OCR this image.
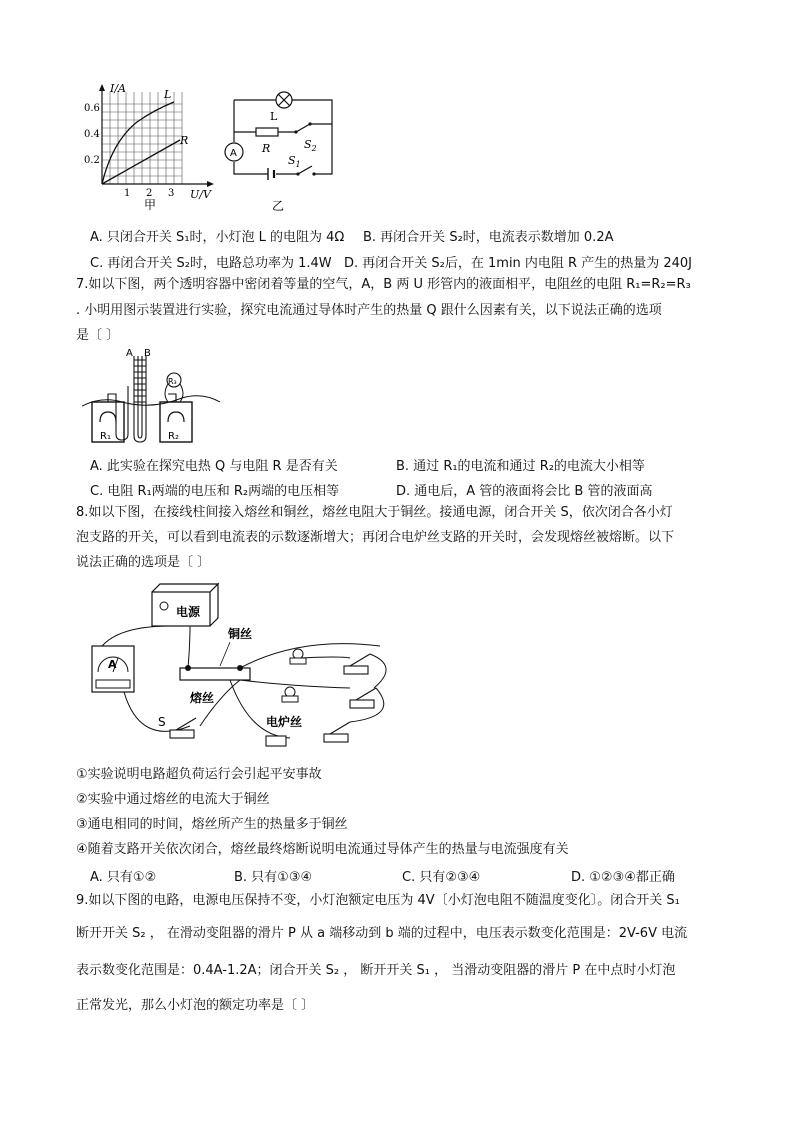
I/A
0.6
0.4
0.2
1 2 3 U/V
L
R
甲
A
L
R	$S_2$
$S_1$
乙
A. 只闭合开关 S₁时，小灯泡 L 的电阻为 4Ω B. 再闭合开关 S₂时，电流表示数增加 0.2A
C. 再闭合开关 S₂时，电路总功率为 1.4W D. 再闭合开关 S₂后，在 1min 内电阻 R 产生的热量为 240J
7.如以下图，两个透明容器中密闭着等量的空气，A，B 两 U 形管内的液面相平，电阻丝的电阻 R₁=R₂=R₃
. 小明用图示装置进行实验，探究电流通过导体时产生的热量 Q 跟什么因素有关，以下说法正确的选项
是〔 〕
A B
R₃
R₁	R₂
A. 此实验在探究电热 Q 与电阻 R 是否有关	B. 通过 R₁的电流和通过 R₂的电流大小相等
C. 电阻 R₁两端的电压和 R₂两端的电压相等	D. 通电后，A 管的液面将会比 B 管的液面高
8.如以下图，在接线柱间接入熔丝和铜丝，熔丝电阻大于铜丝。接通电源，闭合开关 S，依次闭合各小灯
泡支路的开关，可以看到电流表的示数逐渐增大；再闭合电炉丝支路的开关时，会发现熔丝被熔断。以下
说法正确的选项是〔 〕
电源
A
铜丝
熔丝
电炉丝
S
①实验说明电路超负荷运行会引起平安事故
②实验中通过熔丝的电流大于铜丝
③通电相同的时间，熔丝所产生的热量多于铜丝
④随着支路开关依次闭合，熔丝最终熔断说明电流通过导体产生的热量与电流强度有关
A. 只有①②	B. 只有①③④	C. 只有②③④	D. ①②③④都正确
9.如以下图的电路，电源电压保持不变，小灯泡额定电压为 4V〔小灯泡电阻不随温度变化〕。闭合开关 S₁
断开开关 S₂ ， 在滑动变阻器的滑片 P 从 a 端移动到 b 端的过程中，电压表示数变化范围是：2V-6V 电流
表示数变化范围是：0.4A-1.2A；闭合开关 S₂ ， 断开开关 S₁ ， 当滑动变阻器的滑片 P 在中点时小灯泡
正常发光，那么小灯泡的额定功率是〔 〕
